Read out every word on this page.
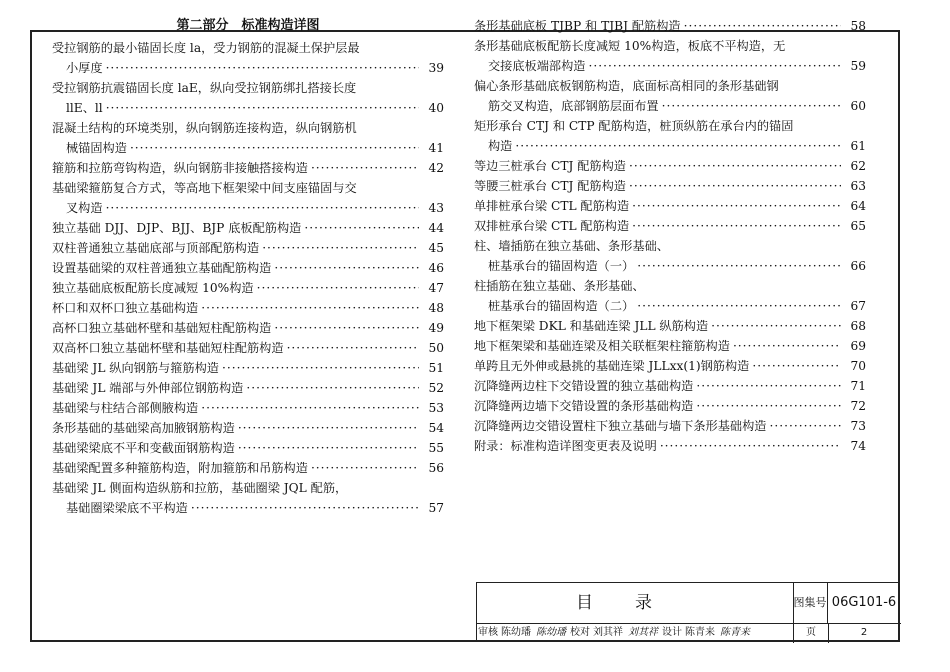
第二部分　标准构造详图
受拉钢筋的最小锚固长度 la，受力钢筋的混凝土保护层最
小厚度 ·····	39
受拉钢筋抗震锚固长度 laE，纵向受拉钢筋绑扎搭接长度
llE、ll ·····	40
混凝土结构的环境类别，纵向钢筋连接构造，纵向钢筋机
械锚固构造 ·····	41
箍筋和拉筋弯钩构造，纵向钢筋非接触搭接构造 ·····	42
基础梁箍筋复合方式，等高地下框架梁中间支座锚固与交
叉构造 ·····	43
独立基础 DJJ、DJP、BJJ、BJP 底板配筋构造 ·····	44
双柱普通独立基础底部与顶部配筋构造 ·····	45
设置基础梁的双柱普通独立基础配筋构造 ·····	46
独立基础底板配筋长度减短 10%构造 ·····	47
杯口和双杯口独立基础构造 ·····	48
高杯口独立基础杯壁和基础短柱配筋构造 ·····	49
双高杯口独立基础杯壁和基础短柱配筋构造 ·····	50
基础梁 JL 纵向钢筋与箍筋构造 ·····	51
基础梁 JL 端部与外伸部位钢筋构造 ·····	52
基础梁与柱结合部侧腋构造 ·····	53
条形基础的基础梁高加腋钢筋构造 ·····	54
基础梁梁底不平和变截面钢筋构造 ·····	55
基础梁配置多种箍筋构造，附加箍筋和吊筋构造 ·····	56
基础梁 JL 侧面构造纵筋和拉筋，基础圈梁 JQL 配筋，
基础圈梁梁底不平构造 ·····	57
条形基础底板 TJBP 和 TJBJ 配筋构造 ·····	58
条形基础底板配筋长度减短 10%构造，板底不平构造，无
交接底板端部构造 ·····	59
偏心条形基础底板钢筋构造，底面标高相同的条形基础钢
筋交叉构造，底部钢筋层面布置 ·····	60
矩形承台 CTJ 和 CTP 配筋构造，桩顶纵筋在承台内的锚固
构造 ·····	61
等边三桩承台 CTJ 配筋构造 ·····	62
等腰三桩承台 CTJ 配筋构造 ·····	63
单排桩承台梁 CTL 配筋构造 ·····	64
双排桩承台梁 CTL 配筋构造 ·····	65
柱、墙插筋在独立基础、条形基础、
桩基承台的锚固构造（一） ·····	66
柱插筋在独立基础、条形基础、
桩基承台的锚固构造（二） ·····	67
地下框架梁 DKL 和基础连梁 JLL 纵筋构造 ·····	68
地下框架梁和基础连梁及相关联框架柱箍筋构造 ·····	69
单跨且无外伸或悬挑的基础连梁 JLLxx(1)钢筋构造 ·····	70
沉降缝两边柱下交错设置的独立基础构造 ·····	71
沉降缝两边墙下交错设置的条形基础构造 ·····	72
沉降缝两边交错设置柱下独立基础与墙下条形基础构造 ·····	73
附录：标准构造详图变更表及说明 ·····	74
目录	图集号 06G101-6
审核 陈幼璠 陈幼璠 校对 刘其祥 刘其祥 设计 陈青来 陈青来	页	2
